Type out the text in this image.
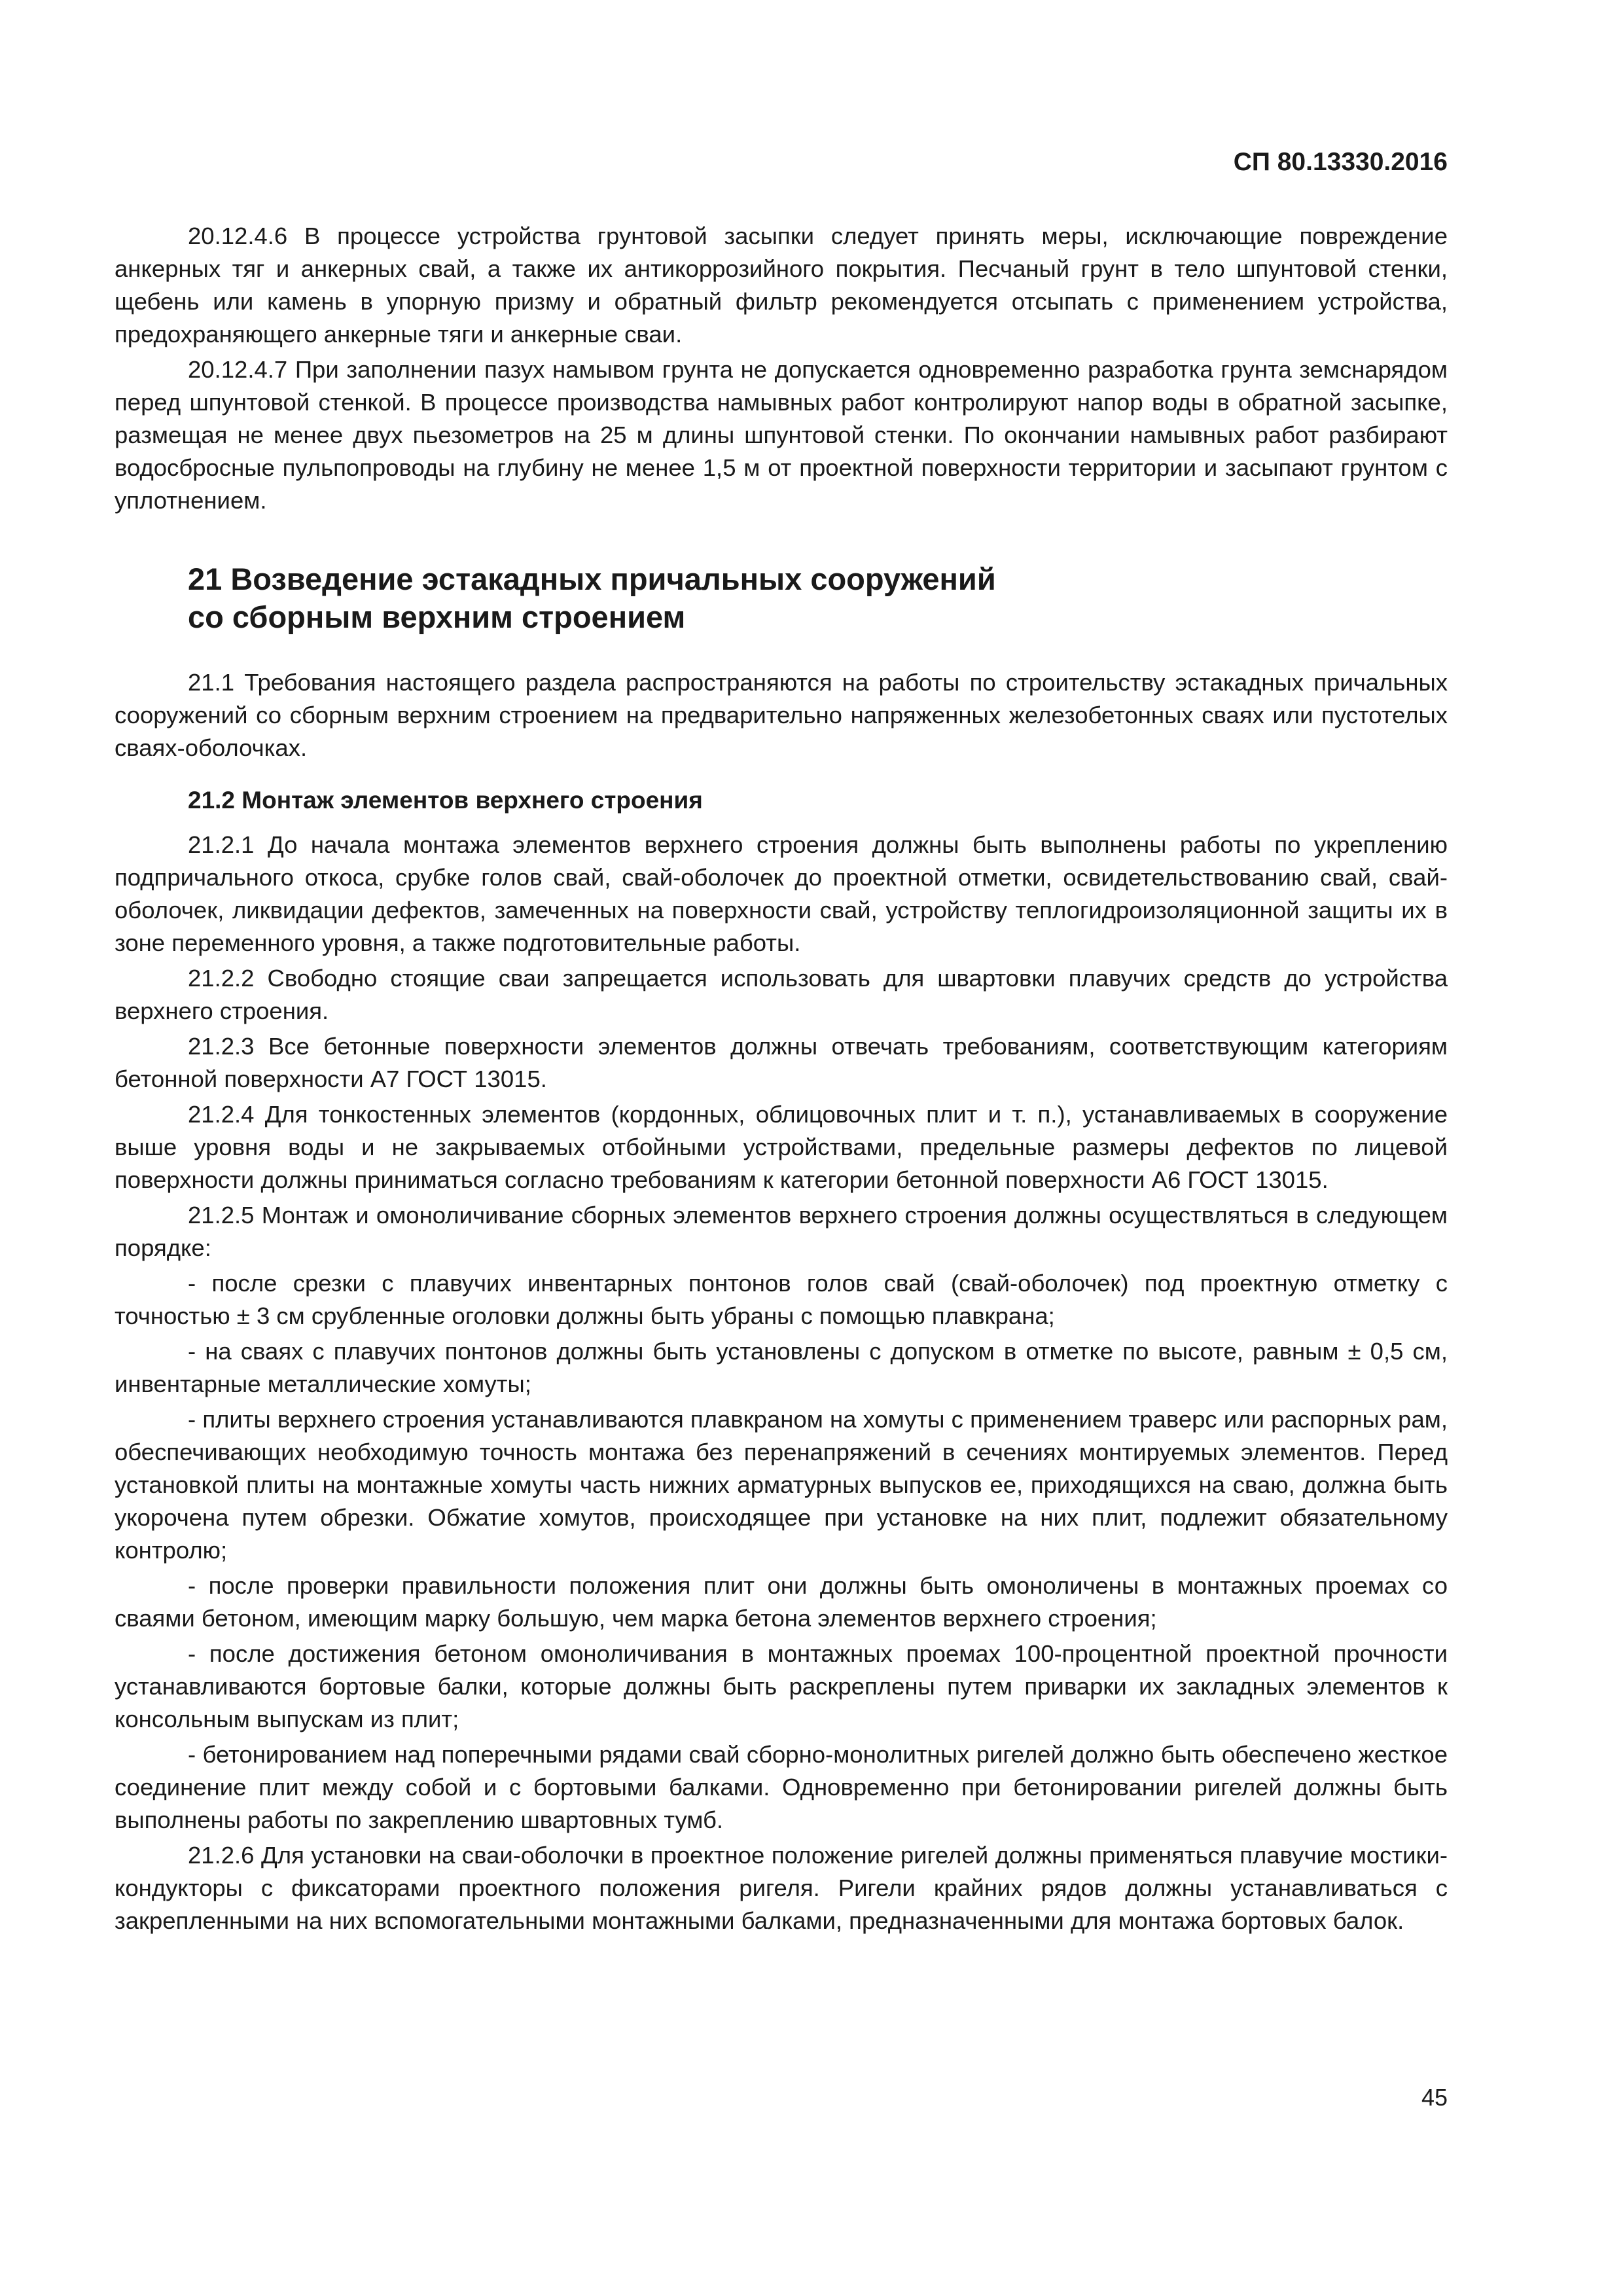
СП 80.13330.2016

20.12.4.6 В процессе устройства грунтовой засыпки следует принять меры, исключающие повреждение анкерных тяг и анкерных свай, а также их антикоррозийного покрытия. Песчаный грунт в тело шпунтовой стенки, щебень или камень в упорную призму и обратный фильтр рекомендуется отсыпать с применением устройства, предохраняющего анкерные тяги и анкерные сваи.

20.12.4.7 При заполнении пазух намывом грунта не допускается одновременно разработка грунта земснарядом перед шпунтовой стенкой. В процессе производства намывных работ контролируют напор воды в обратной засыпке, размещая не менее двух пьезометров на 25 м длины шпунтовой стенки. По окончании намывных работ разбирают водосбросные пульпопроводы на глубину не менее 1,5 м от проектной поверхности территории и засыпают грунтом с уплотнением.

21 Возведение эстакадных причальных сооружений
со сборным верхним строением

21.1 Требования настоящего раздела распространяются на работы по строительству эстакадных причальных сооружений со сборным верхним строением на предварительно напряженных железобетонных сваях или пустотелых сваях-оболочках.

21.2 Монтаж элементов верхнего строения

21.2.1 До начала монтажа элементов верхнего строения должны быть выполнены работы по укреплению подпричального откоса, срубке голов свай, свай-оболочек до проектной отметки, освидетельствованию свай, свай-оболочек, ликвидации дефектов, замеченных на поверхности свай, устройству теплогидроизоляционной защиты их в зоне переменного уровня, а также подготовительные работы.

21.2.2 Свободно стоящие сваи запрещается использовать для швартовки плавучих средств до устройства верхнего строения.

21.2.3 Все бетонные поверхности элементов должны отвечать требованиям, соответствующим категориям бетонной поверхности А7 ГОСТ 13015.

21.2.4 Для тонкостенных элементов (кордонных, облицовочных плит и т. п.), устанавливаемых в сооружение выше уровня воды и не закрываемых отбойными устройствами, предельные размеры дефектов по лицевой поверхности должны приниматься согласно требованиям к категории бетонной поверхности А6 ГОСТ 13015.

21.2.5 Монтаж и омоноличивание сборных элементов верхнего строения должны осуществляться в следующем порядке:

- после срезки с плавучих инвентарных понтонов голов свай (свай-оболочек) под проектную отметку с точностью ± 3 см срубленные оголовки должны быть убраны с помощью плавкрана;

- на сваях с плавучих понтонов должны быть установлены с допуском в отметке по высоте, равным ± 0,5 см, инвентарные металлические хомуты;

- плиты верхнего строения устанавливаются плавкраном на хомуты с применением траверс или распорных рам, обеспечивающих необходимую точность монтажа без перенапряжений в сечениях монтируемых элементов. Перед установкой плиты на монтажные хомуты часть нижних арматурных выпусков ее, приходящихся на сваю, должна быть укорочена путем обрезки. Обжатие хомутов, происходящее при установке на них плит, подлежит обязательному контролю;

- после проверки правильности положения плит они должны быть омоноличены в монтажных проемах со сваями бетоном, имеющим марку большую, чем марка бетона элементов верхнего строения;

- после достижения бетоном омоноличивания в монтажных проемах 100-процентной проектной прочности устанавливаются бортовые балки, которые должны быть раскреплены путем приварки их закладных элементов к консольным выпускам из плит;

- бетонированием над поперечными рядами свай сборно-монолитных ригелей должно быть обеспечено жесткое соединение плит между собой и с бортовыми балками. Одновременно при бетонировании ригелей должны быть выполнены работы по закреплению швартовных тумб.

21.2.6 Для установки на сваи-оболочки в проектное положение ригелей должны применяться плавучие мостики-кондукторы с фиксаторами проектного положения ригеля. Ригели крайних рядов должны устанавливаться с закрепленными на них вспомогательными монтажными балками, предназначенными для монтажа бортовых балок.

45
